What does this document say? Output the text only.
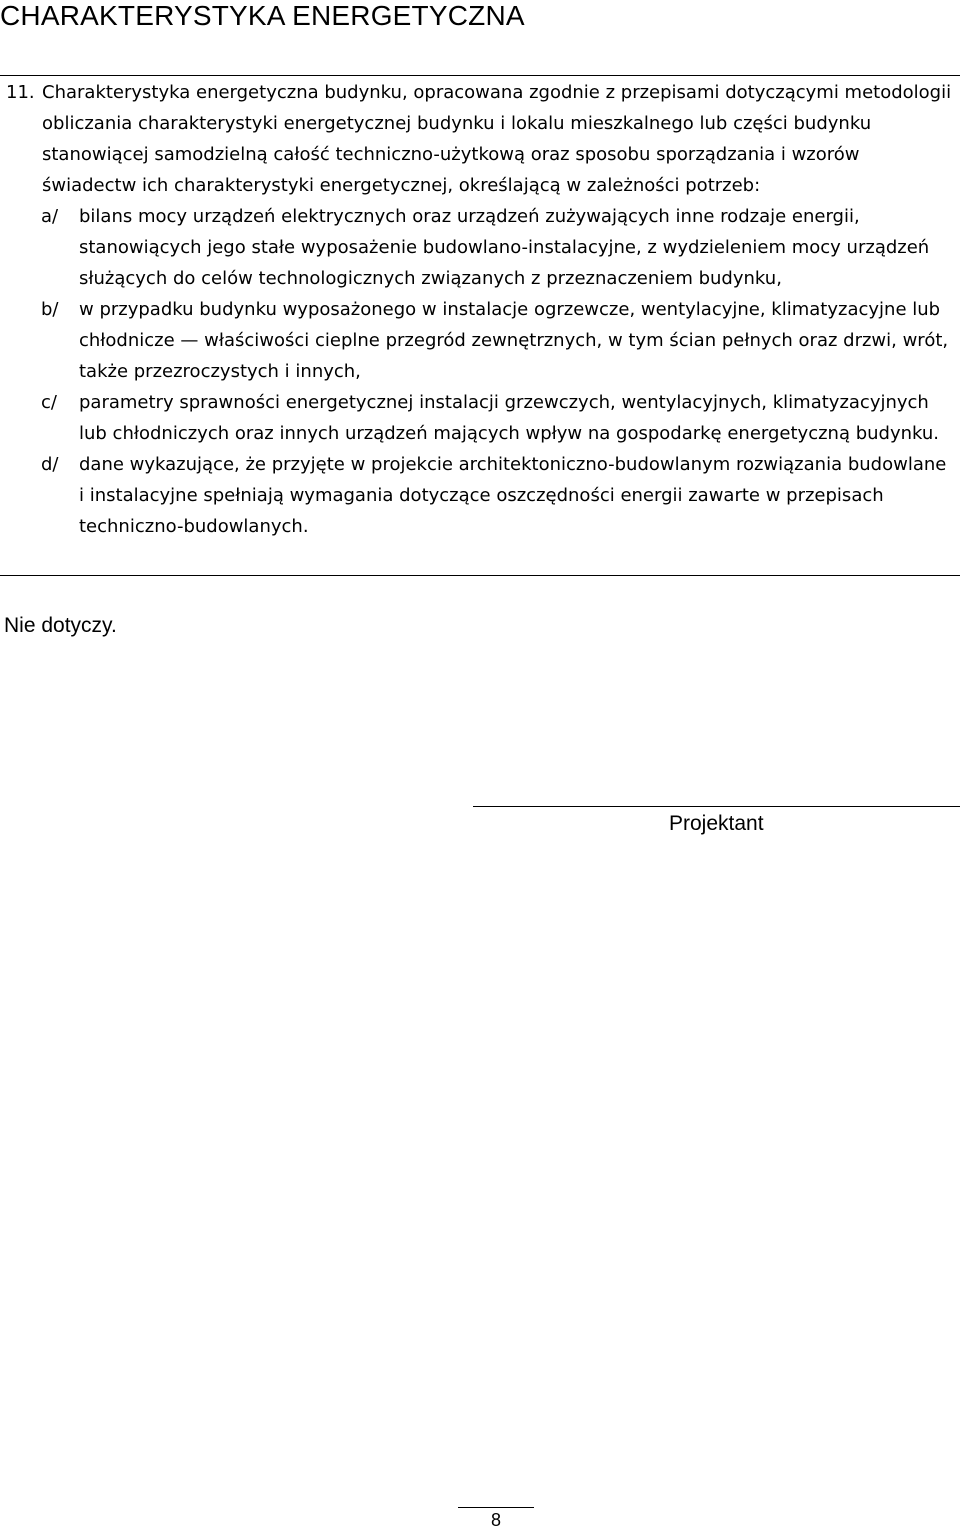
CHARAKTERYSTYKA ENERGETYCZNA
11. Charakterystyka energetyczna budynku, opracowana zgodnie z przepisami dotyczącymi metodologii obliczania charakterystyki energetycznej budynku i lokalu mieszkalnego lub części budynku stanowiącej samodzielną całość techniczno-użytkową oraz sposobu sporządzania i wzorów świadectw ich charakterystyki energetycznej, określającą w zależności potrzeb:
a/ bilans mocy urządzeń elektrycznych oraz urządzeń zużywających inne rodzaje energii, stanowiących jego stałe wyposażenie budowlano-instalacyjne, z wydzieleniem mocy urządzeń służących do celów technologicznych związanych z przeznaczeniem budynku,
b/ w przypadku budynku wyposażonego w instalacje ogrzewcze, wentylacyjne, klimatyzacyjne lub chłodnicze — właściwości cieplne przegród zewnętrznych, w tym ścian pełnych oraz drzwi, wrót, także przezroczystych i innych,
c/ parametry sprawności energetycznej instalacji grzewczych, wentylacyjnych, klimatyzacyjnych lub chłodniczych oraz innych urządzeń mających wpływ na gospodarkę energetyczną budynku.
d/ dane wykazujące, że przyjęte w projekcie architektoniczno-budowlanym rozwiązania budowlane i instalacyjne spełniają wymagania dotyczące oszczędności energii zawarte w przepisach techniczno-budowlanych.
Nie dotyczy.
Projektant
8
